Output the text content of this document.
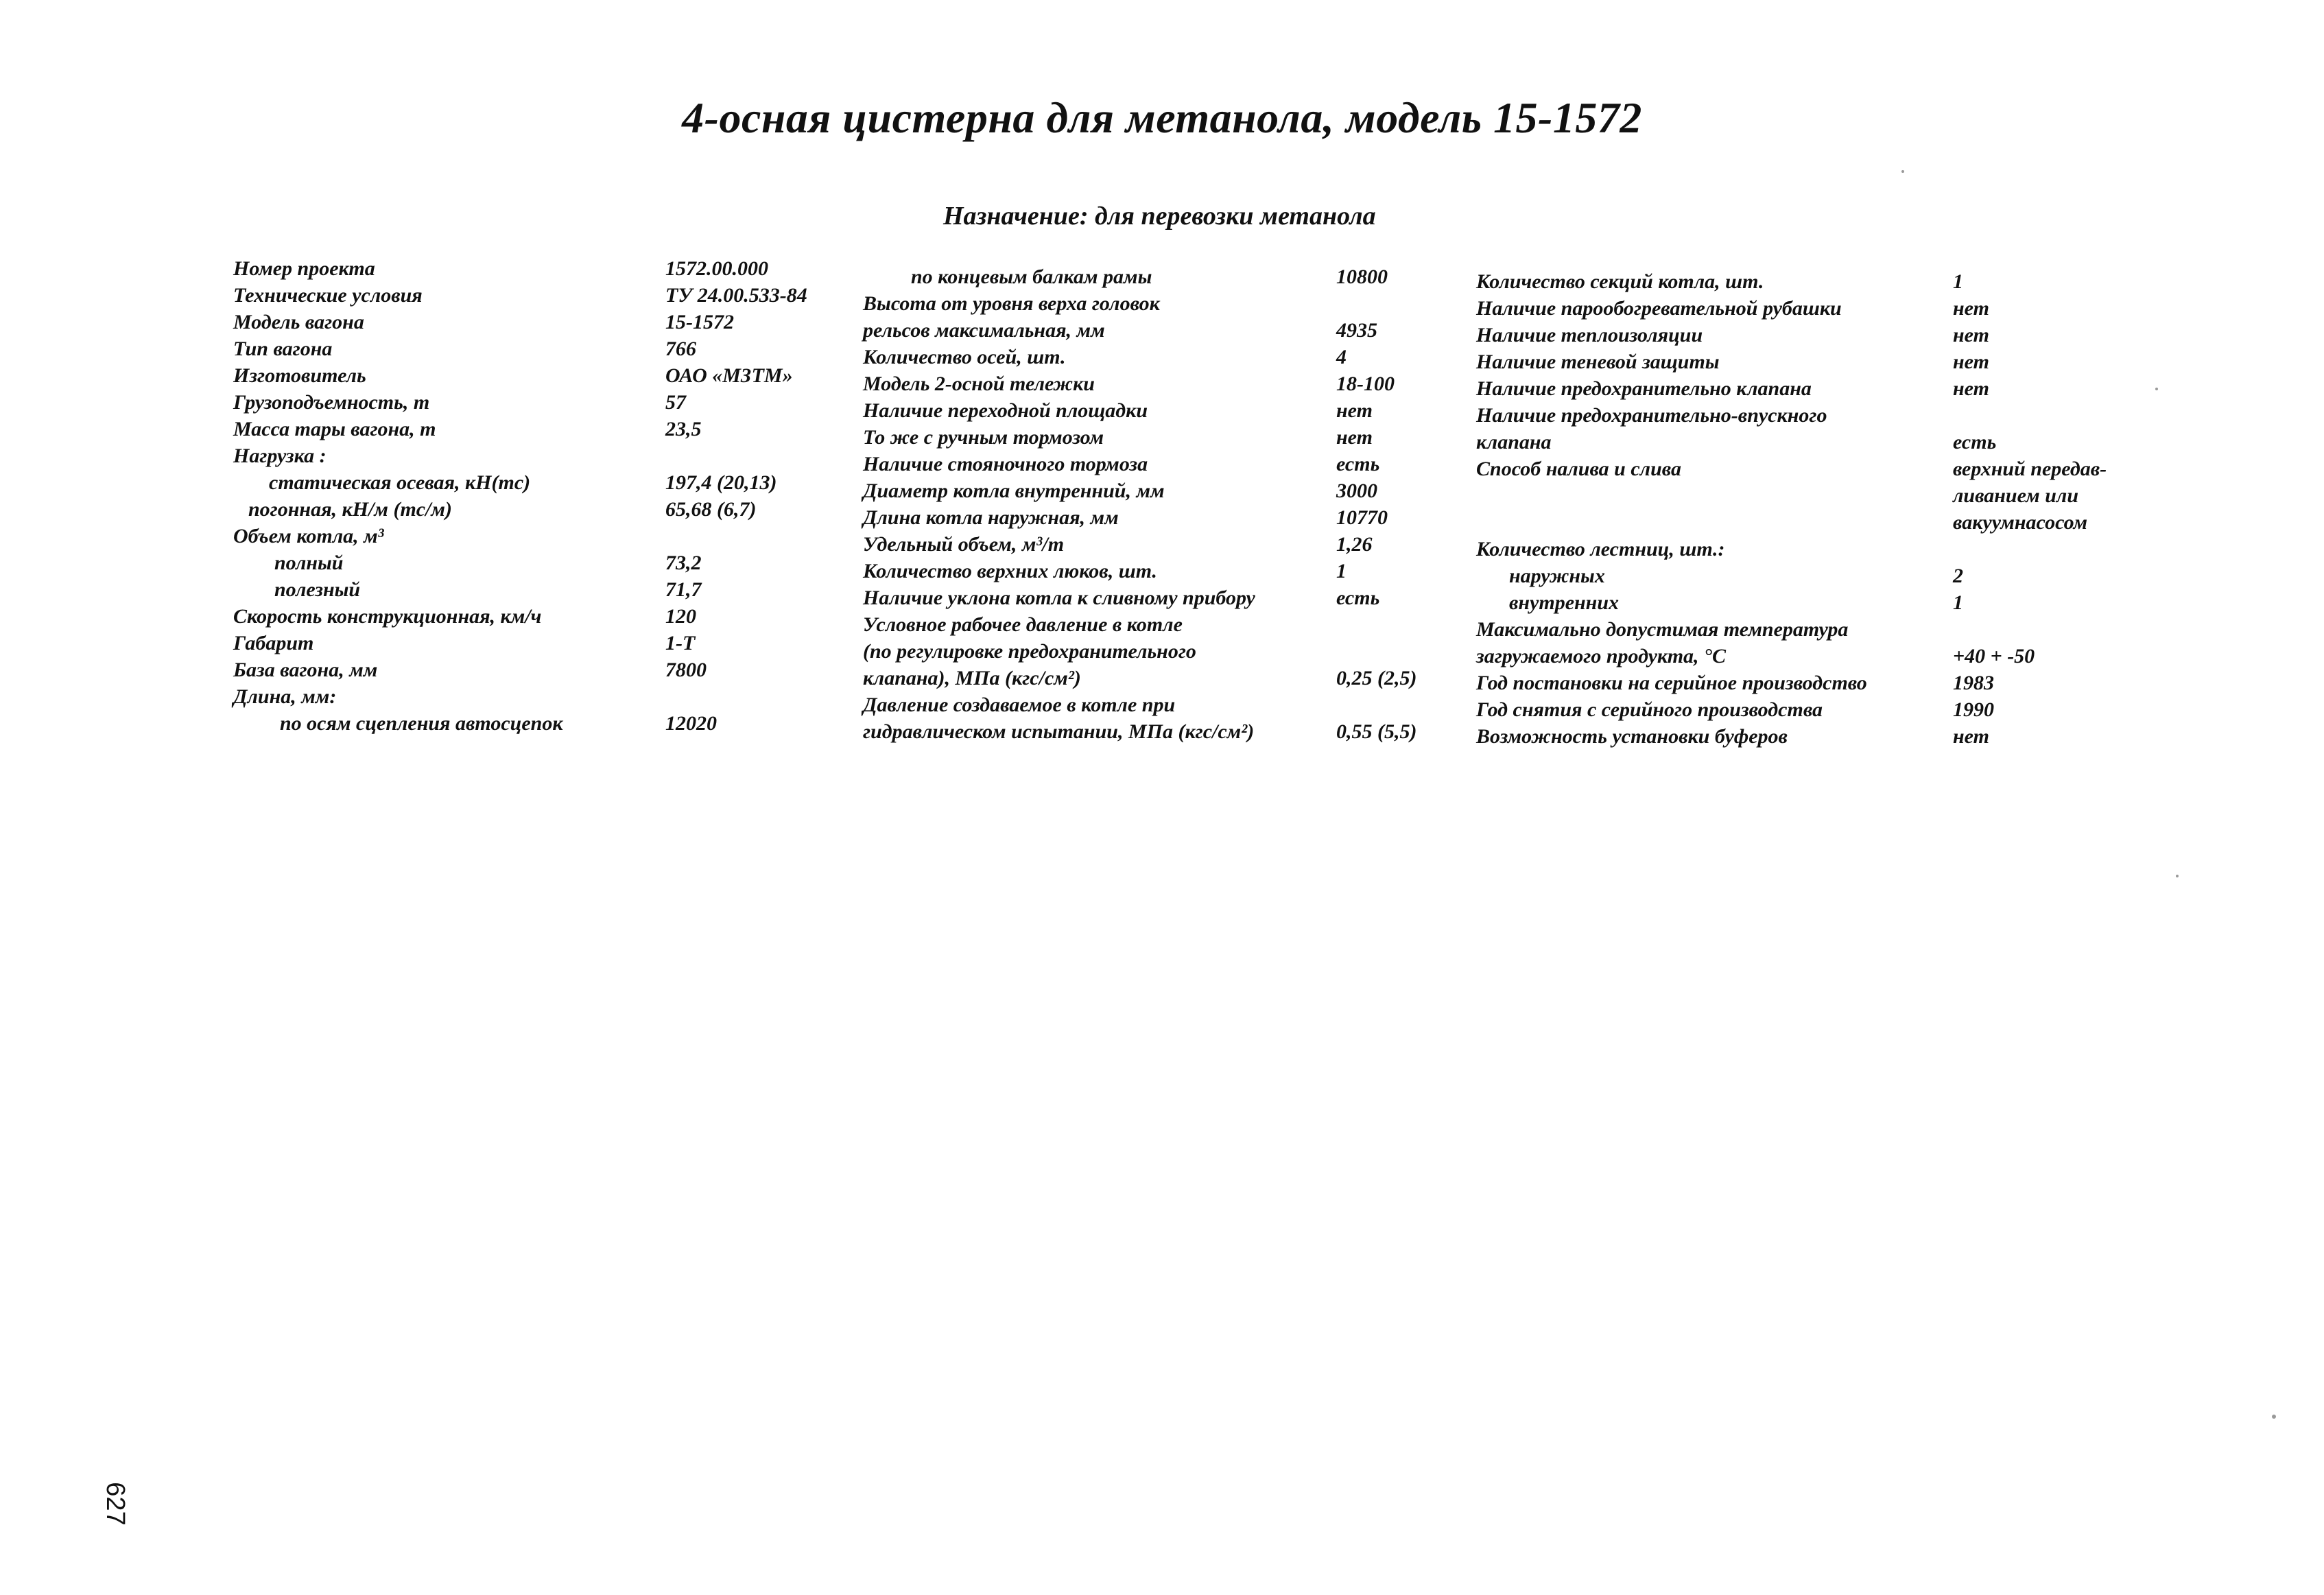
4-осная цистерна для метанола, модель 15-1572
Назначение: для перевозки метанола
Номер проекта	1572.00.000
Технические условия	ТУ 24.00.533-84
Модель вагона	15-1572
Тип вагона	766
Изготовитель	ОАО «МЗТМ»
Грузоподъемность, т	57
Масса тары вагона, т	23,5
Нагрузка :
статическая осевая, кН(тс)	197,4 (20,13)
погонная, кН/м (тс/м)	65,68 (6,7)
Объем котла, м³
полный	73,2
полезный	71,7
Скорость конструкционная, км/ч	120
Габарит	1-Т
База вагона, мм	7800
Длина, мм:
по осям сцепления автосцепок	12020
по концевым балкам рамы	10800
Высота от уровня верха головок
рельсов максимальная, мм	4935
Количество осей, шт.	4
Модель 2-осной тележки	18-100
Наличие переходной площадки	нет
То же с ручным тормозом	нет
Наличие стояночного тормоза	есть
Диаметр котла внутренний, мм	3000
Длина котла наружная, мм	10770
Удельный объем, м³/т	1,26
Количество верхних люков, шт.	1
Наличие уклона котла к сливному прибору	есть
Условное рабочее давление в котле
(по регулировке предохранительного
клапана), МПа (кгс/см²)	0,25 (2,5)
Давление создаваемое в котле при
гидравлическом испытании, МПа (кгс/см²)	0,55 (5,5)
Количество секций котла, шт.	1
Наличие парообогревательной рубашки	нет
Наличие теплоизоляции	нет
Наличие теневой защиты	нет
Наличие предохранительно клапана	нет
Наличие предохранительно-впускного
клапана	есть
Способ налива и слива	верхний передав-
ливанием или
вакуумнасосом
Количество лестниц, шт.:
наружных	2
внутренних	1
Максимально допустимая температура
загружаемого продукта, °С	+40 + -50
Год постановки на серийное производство	1983
Год снятия с серийного производства	1990
Возможность установки буферов	нет
627
